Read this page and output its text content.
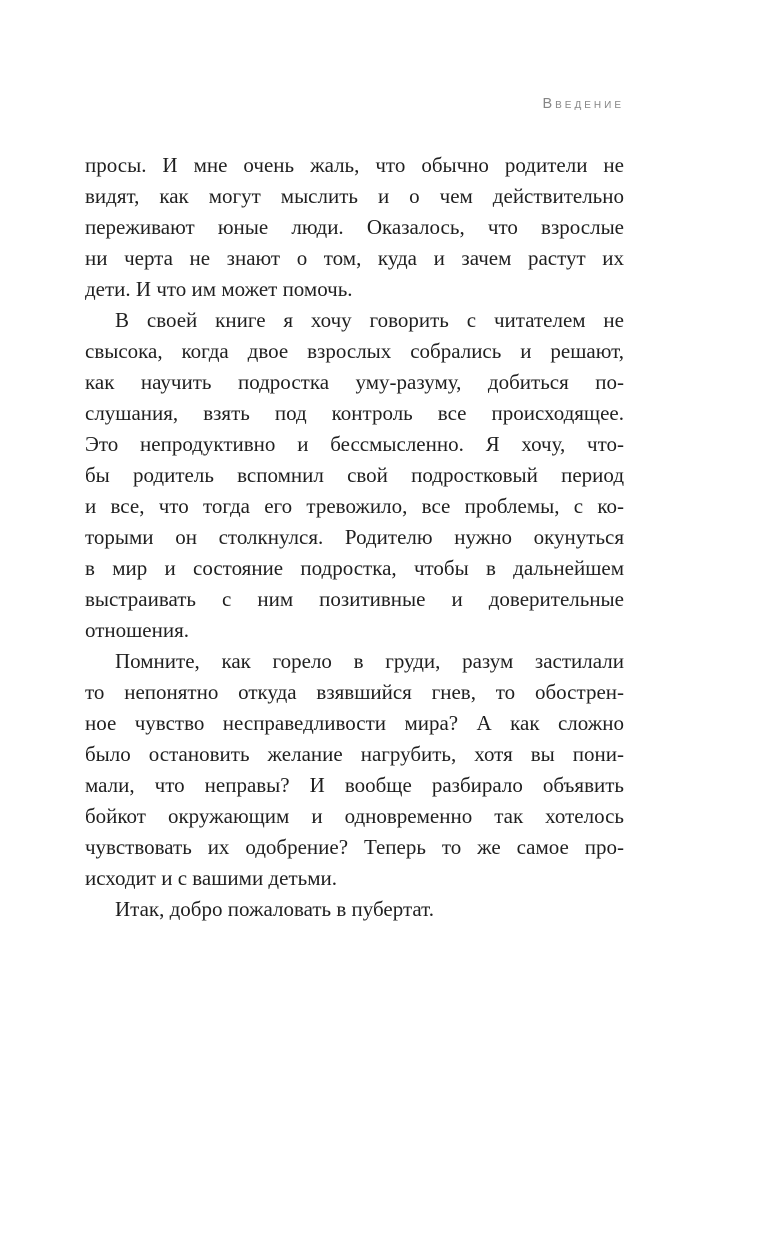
Введение
просы. И мне очень жаль, что обычно родители не
видят, как могут мыслить и о чем действительно
переживают юные люди. Оказалось, что взрослые
ни черта не знают о том, куда и зачем растут их
дети. И что им может помочь.
В своей книге я хочу говорить с читателем не
свысока, когда двое взрослых собрались и решают,
как научить подростка уму-разуму, добиться по-
слушания, взять под контроль все происходящее.
Это непродуктивно и бессмысленно. Я хочу, что-
бы родитель вспомнил свой подростковый период
и все, что тогда его тревожило, все проблемы, с ко-
торыми он столкнулся. Родителю нужно окунуться
в мир и состояние подростка, чтобы в дальнейшем
выстраивать с ним позитивные и доверительные
отношения.
Помните, как горело в груди, разум застилали
то непонятно откуда взявшийся гнев, то обострен-
ное чувство несправедливости мира? А как сложно
было остановить желание нагрубить, хотя вы пони-
мали, что неправы? И вообще разбирало объявить
бойкот окружающим и одновременно так хотелось
чувствовать их одобрение? Теперь то же самое про-
исходит и с вашими детьми.
Итак, добро пожаловать в пубертат.
